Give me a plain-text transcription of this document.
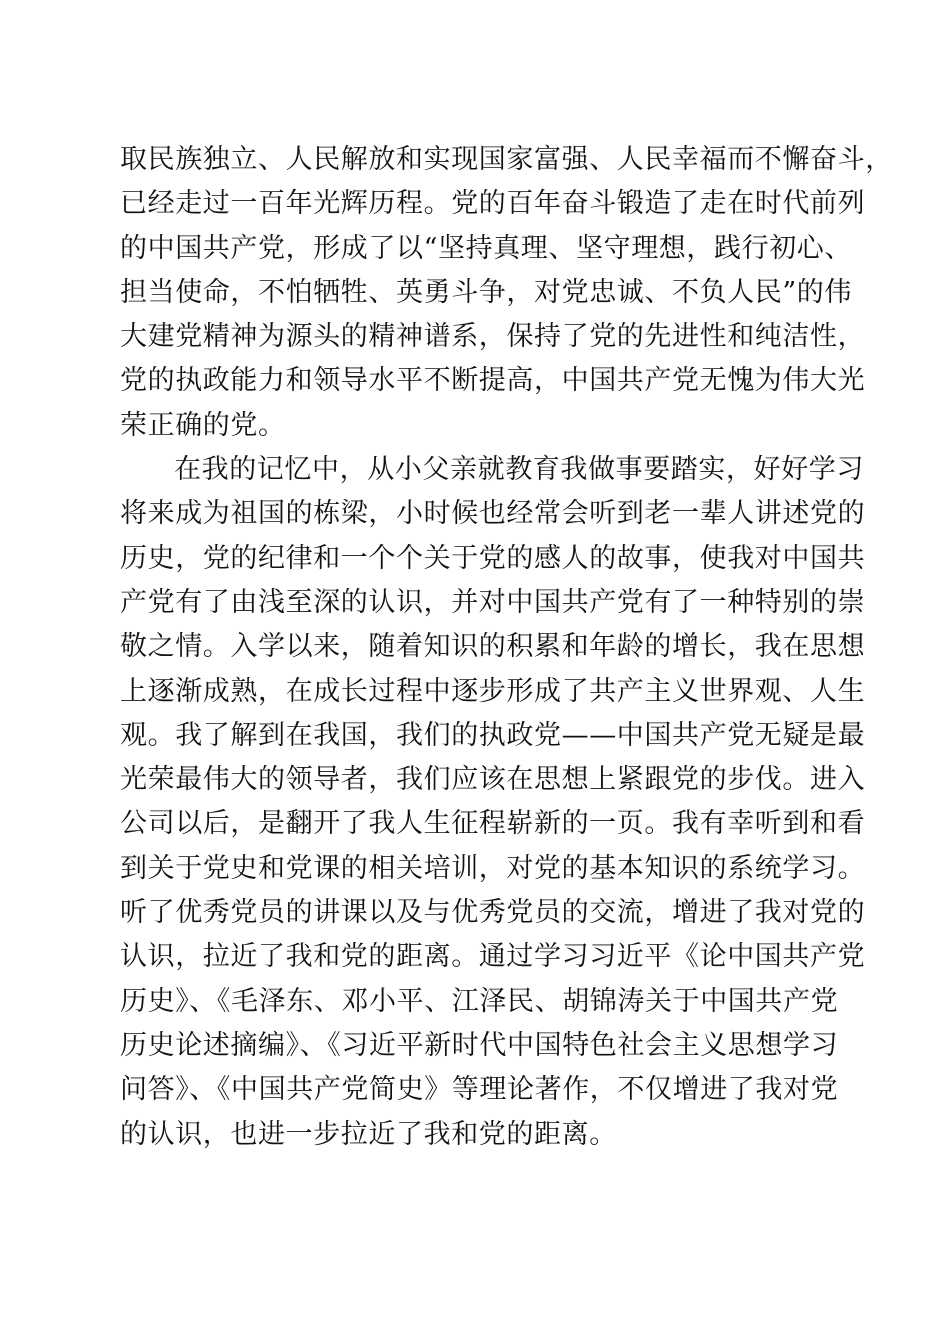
取民族独立、人民解放和实现国家富强、人民幸福而不懈奋斗，
已经走过一百年光辉历程。党的百年奋斗锻造了走在时代前列
的中国共产党，形成了以“坚持真理、坚守理想，践行初心、
担当使命，不怕牺牲、英勇斗争，对党忠诚、不负人民”的伟
大建党精神为源头的精神谱系，保持了党的先进性和纯洁性，
党的执政能力和领导水平不断提高，中国共产党无愧为伟大光
荣正确的党。
在我的记忆中，从小父亲就教育我做事要踏实，好好学习
将来成为祖国的栋梁，小时候也经常会听到老一辈人讲述党的
历史，党的纪律和一个个关于党的感人的故事，使我对中国共
产党有了由浅至深的认识，并对中国共产党有了一种特别的崇
敬之情。入学以来，随着知识的积累和年龄的增长，我在思想
上逐渐成熟，在成长过程中逐步形成了共产主义世界观、人生
观。我了解到在我国，我们的执政党——中国共产党无疑是最
光荣最伟大的领导者，我们应该在思想上紧跟党的步伐。进入
公司以后，是翻开了我人生征程崭新的一页。我有幸听到和看
到关于党史和党课的相关培训，对党的基本知识的系统学习。
听了优秀党员的讲课以及与优秀党员的交流，增进了我对党的
认识，拉近了我和党的距离。通过学习习近平《论中国共产党
历史》、《毛泽东、邓小平、江泽民、胡锦涛关于中国共产党
历史论述摘编》、《习近平新时代中国特色社会主义思想学习
问答》、《中国共产党简史》等理论著作，不仅增进了我对党
的认识，也进一步拉近了我和党的距离。
